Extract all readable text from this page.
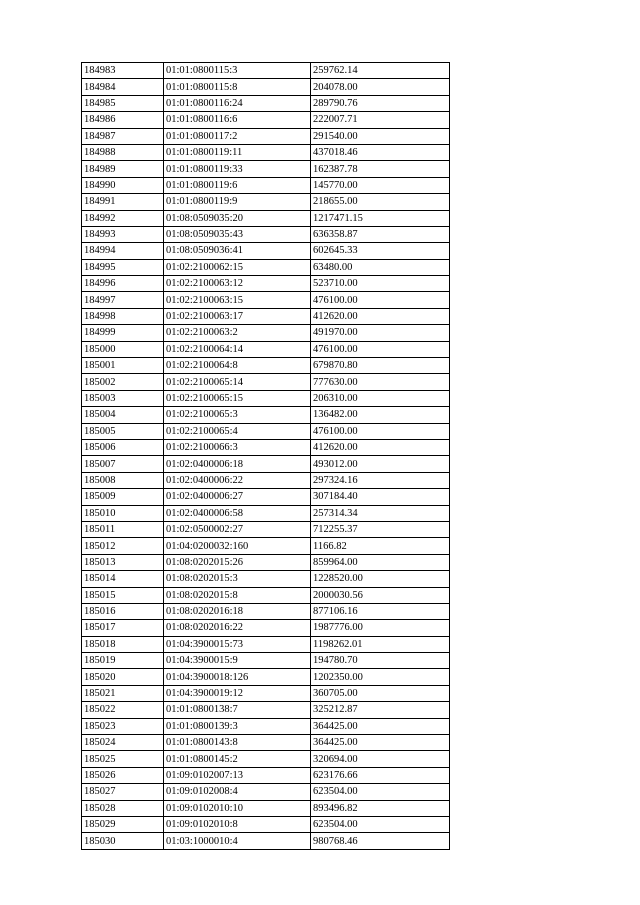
184983	01:01:0800115:3	259762.14
184984	01:01:0800115:8	204078.00
184985	01:01:0800116:24	289790.76
184986	01:01:0800116:6	222007.71
184987	01:01:0800117:2	291540.00
184988	01:01:0800119:11	437018.46
184989	01:01:0800119:33	162387.78
184990	01:01:0800119:6	145770.00
184991	01:01:0800119:9	218655.00
184992	01:08:0509035:20	1217471.15
184993	01:08:0509035:43	636358.87
184994	01:08:0509036:41	602645.33
184995	01:02:2100062:15	63480.00
184996	01:02:2100063:12	523710.00
184997	01:02:2100063:15	476100.00
184998	01:02:2100063:17	412620.00
184999	01:02:2100063:2	491970.00
185000	01:02:2100064:14	476100.00
185001	01:02:2100064:8	679870.80
185002	01:02:2100065:14	777630.00
185003	01:02:2100065:15	206310.00
185004	01:02:2100065:3	136482.00
185005	01:02:2100065:4	476100.00
185006	01:02:2100066:3	412620.00
185007	01:02:0400006:18	493012.00
185008	01:02:0400006:22	297324.16
185009	01:02:0400006:27	307184.40
185010	01:02:0400006:58	257314.34
185011	01:02:0500002:27	712255.37
185012	01:04:0200032:160	1166.82
185013	01:08:0202015:26	859964.00
185014	01:08:0202015:3	1228520.00
185015	01:08:0202015:8	2000030.56
185016	01:08:0202016:18	877106.16
185017	01:08:0202016:22	1987776.00
185018	01:04:3900015:73	1198262.01
185019	01:04:3900015:9	194780.70
185020	01:04:3900018:126	1202350.00
185021	01:04:3900019:12	360705.00
185022	01:01:0800138:7	325212.87
185023	01:01:0800139:3	364425.00
185024	01:01:0800143:8	364425.00
185025	01:01:0800145:2	320694.00
185026	01:09:0102007:13	623176.66
185027	01:09:0102008:4	623504.00
185028	01:09:0102010:10	893496.82
185029	01:09:0102010:8	623504.00
185030	01:03:1000010:4	980768.46
